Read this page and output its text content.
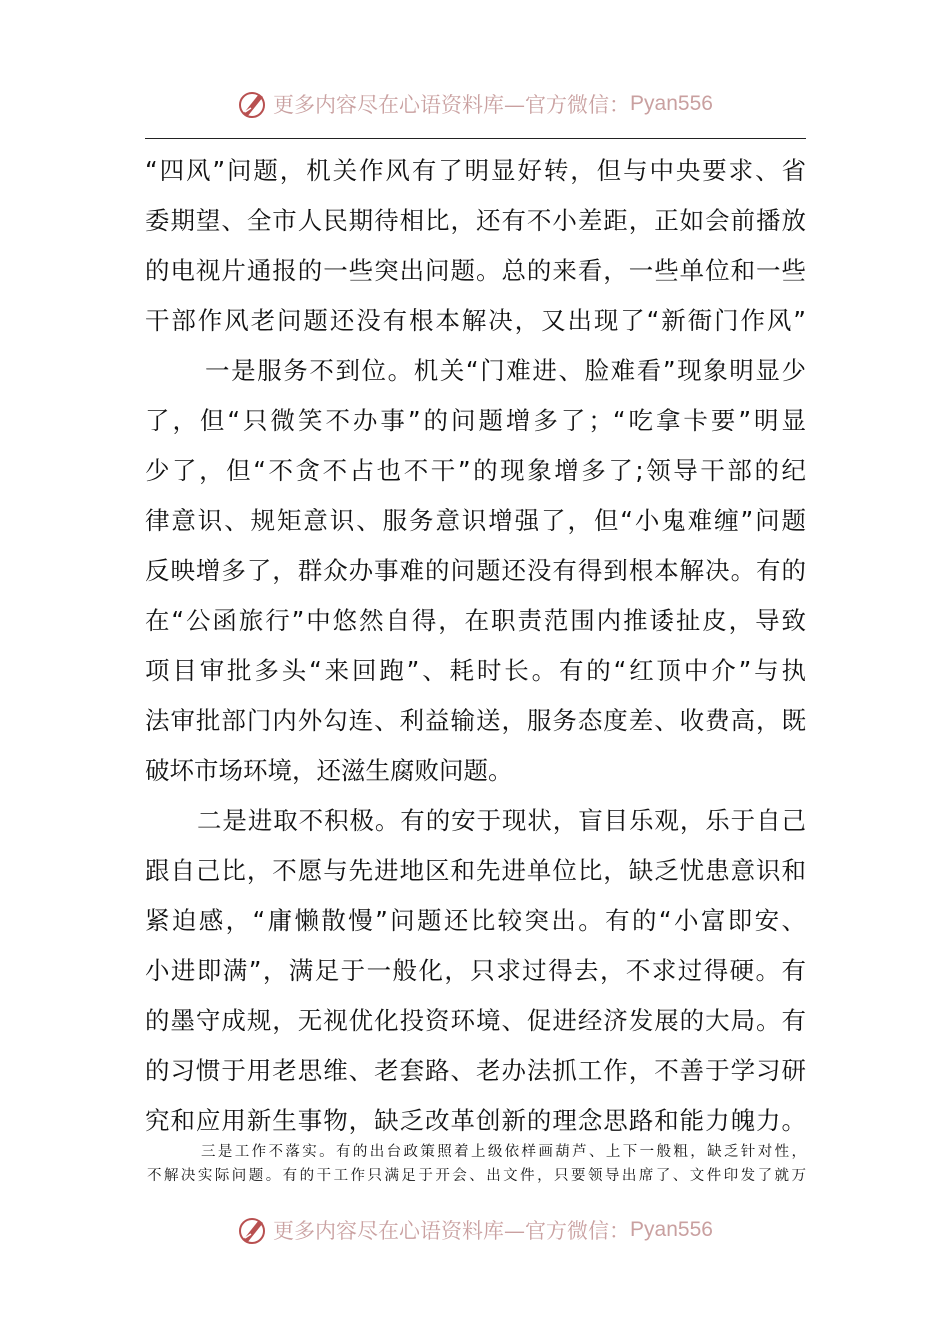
更多内容尽在心语资料库—官方微信： Pyan556
“四风”问题，机关作风有了明显好转，但与中央要求、省
委期望、全市人民期待相比，还有不小差距，正如会前播放
的电视片通报的一些突出问题。总的来看，一些单位和一些
干部作风老问题还没有根本解决，又出现了“新衙门作风”
一是服务不到位。机关“门难进、脸难看”现象明显少
了，但“只微笑不办事”的问题增多了；“吃拿卡要”明显
少了，但“不贪不占也不干”的现象增多了;领导干部的纪
律意识、规矩意识、服务意识增强了，但“小鬼难缠”问题
反映增多了，群众办事难的问题还没有得到根本解决。有的
在“公函旅行”中悠然自得，在职责范围内推诿扯皮，导致
项目审批多头“来回跑”、耗时长。有的“红顶中介”与执
法审批部门内外勾连、利益输送，服务态度差、收费高，既
破坏市场环境，还滋生腐败问题。
二是进取不积极。有的安于现状，盲目乐观，乐于自己
跟自己比，不愿与先进地区和先进单位比，缺乏忧患意识和
紧迫感，“庸懒散慢”问题还比较突出。有的“小富即安、
小进即满”，满足于一般化，只求过得去，不求过得硬。有
的墨守成规，无视优化投资环境、促进经济发展的大局。有
的习惯于用老思维、老套路、老办法抓工作，不善于学习研
究和应用新生事物，缺乏改革创新的理念思路和能力魄力。
三是工作不落实。有的出台政策照着上级依样画葫芦、上下一般粗，缺乏针对性，
不解决实际问题。有的干工作只满足于开会、出文件，只要领导出席了、文件印发了就万
更多内容尽在心语资料库—官方微信： Pyan556
